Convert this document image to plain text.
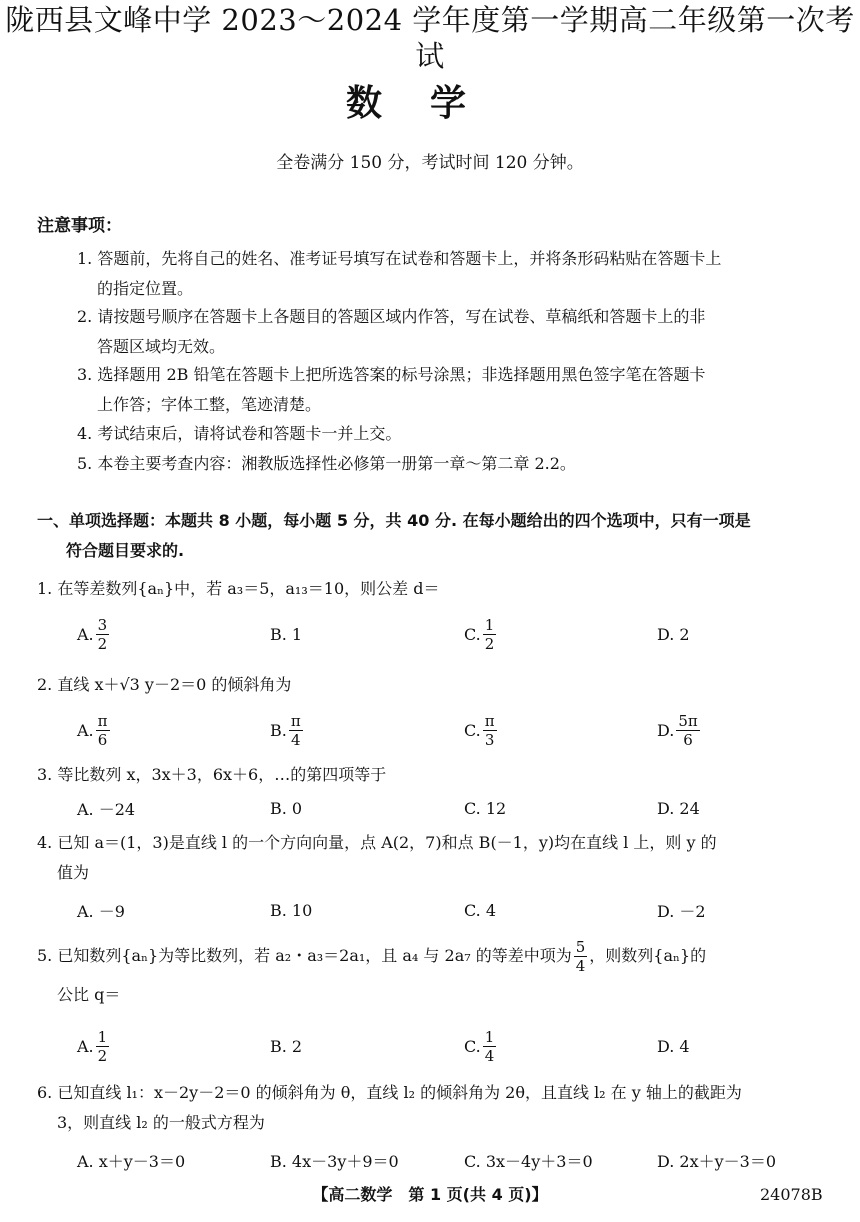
陇西县文峰中学 2023～2024 学年度第一学期高二年级第一次考试
数学
全卷满分 150 分，考试时间 120 分钟。
注意事项：
1. 答题前，先将自己的姓名、准考证号填写在试卷和答题卡上，并将条形码粘贴在答题卡上
的指定位置。
2. 请按题号顺序在答题卡上各题目的答题区域内作答，写在试卷、草稿纸和答题卡上的非
答题区域均无效。
3. 选择题用 2B 铅笔在答题卡上把所选答案的标号涂黑；非选择题用黑色签字笔在答题卡
上作答；字体工整，笔迹清楚。
4. 考试结束后，请将试卷和答题卡一并上交。
5. 本卷主要考查内容：湘教版选择性必修第一册第一章～第二章 2.2。
一、单项选择题：本题共 8 小题，每小题 5 分，共 40 分. 在每小题给出的四个选项中，只有一项是
符合题目要求的.
1. 在等差数列{aₙ}中，若 a₃＝5，a₁₃＝10，则公差 d＝
A. $\frac{3}{2}$	B. 1	C. $\frac{1}{2}$	D. 2
2. 直线 x＋√3 y－2＝0 的倾斜角为
A. $\frac{\pi}{6}$	B. $\frac{\pi}{4}$	C. $\frac{\pi}{3}$	D. $\frac{5\pi}{6}$
3. 等比数列 x，3x＋3，6x＋6，…的第四项等于
A. －24	B. 0	C. 12	D. 24
4. 已知 a＝(1，3)是直线 l 的一个方向向量，点 A(2，7)和点 B(－1，y)均在直线 l 上，则 y 的
值为
A. －9	B. 10	C. 4	D. －2
5. 已知数列{aₙ}为等比数列，若 a₂・a₃＝2a₁，且 a₄ 与 2a₇ 的等差中项为 $\frac{5}{4}$ ，则数列{aₙ}的
公比 q＝
A. $\frac{1}{2}$	B. 2	C. $\frac{1}{4}$	D. 4
6. 已知直线 l₁：x－2y－2＝0 的倾斜角为 θ，直线 l₂ 的倾斜角为 2θ，且直线 l₂ 在 y 轴上的截距为
3，则直线 l₂ 的一般式方程为
A. x＋y－3＝0	B. 4x－3y＋9＝0	C. 3x－4y＋3＝0	D. 2x＋y－3＝0
【高二数学　第 1 页(共 4 页)】	24078B
